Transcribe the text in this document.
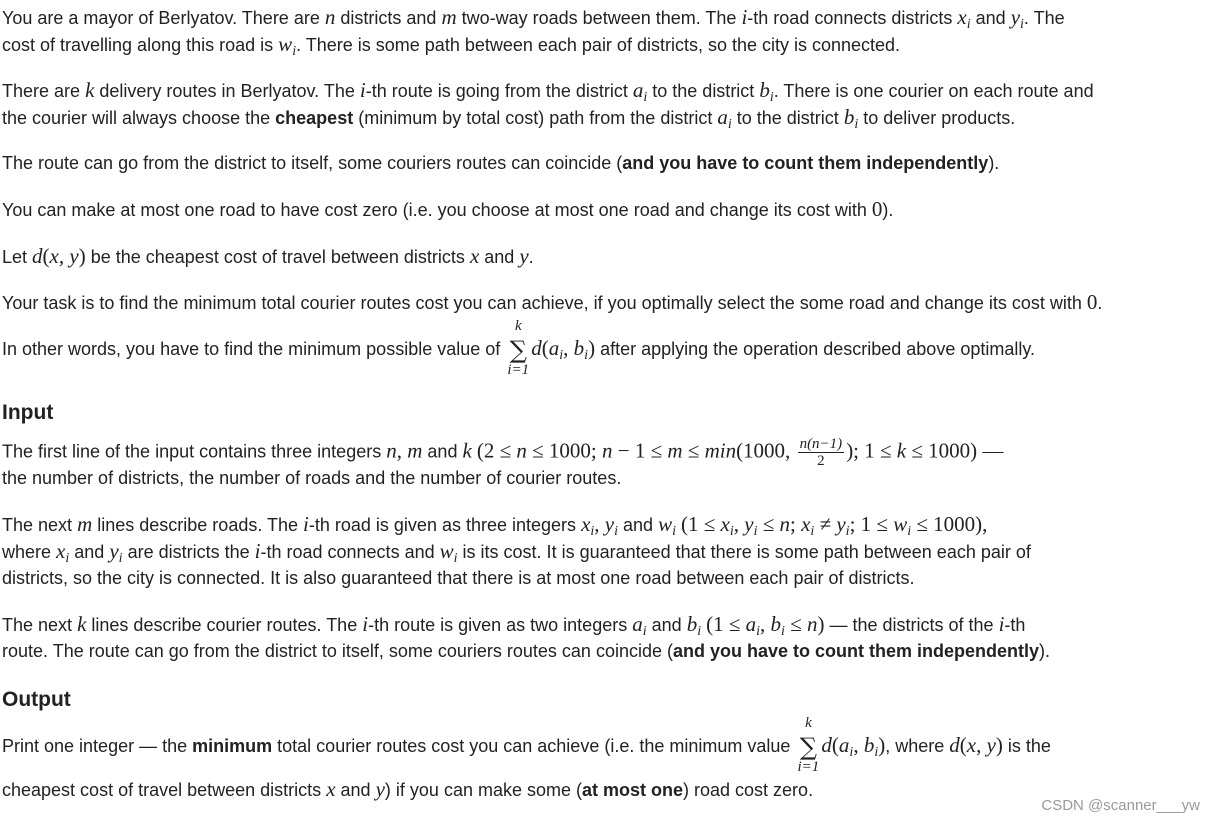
You are a mayor of Berlyatov. There are n districts and m two-way roads between them. The i-th road connects districts $x_i$ and $y_i$. The
cost of travelling along this road is $w_i$. There is some path between each pair of districts, so the city is connected.
There are k delivery routes in Berlyatov. The i-th route is going from the district $a_i$ to the district $b_i$. There is one courier on each route and
the courier will always choose the cheapest (minimum by total cost) path from the district $a_i$ to the district $b_i$ to deliver products.
The route can go from the district to itself, some couriers routes can coincide (and you have to count them independently).
You can make at most one road to have cost zero (i.e. you choose at most one road and change its cost with 0).
Let d(x, y) be the cheapest cost of travel between districts x and y.
Your task is to find the minimum total courier routes cost you can achieve, if you optimally select the some road and change its cost with 0.
In other words, you have to find the minimum possible value of
k
∑
i=1
$d(a_i$, $b_i$) after applying the operation described above optimally.
Input
The first line of the input contains three integers n, m and k (2 ≤ n ≤ 1000; n − 1 ≤ m ≤ min(1000, $\frac{n(n-1)}{2}$ ); 1 ≤ k ≤ 1000) —
the number of districts, the number of roads and the number of courier routes.
The next m lines describe roads. The i-th road is given as three integers $x_i$, $y_i$ and $w_i$ ($1 \le x_i$, $y_i \le n$; $x_i \ne y_i$; $1 \le w_i \le 1000$),
where $x_i$ and $y_i$ are districts the i-th road connects and $w_i$ is its cost. It is guaranteed that there is some path between each pair of
districts, so the city is connected. It is also guaranteed that there is at most one road between each pair of districts.
The next k lines describe courier routes. The i-th route is given as two integers $a_i$ and $b_i$ ($1 \le a_i$, $b_i \le n$) — the districts of the i-th
route. The route can go from the district to itself, some couriers routes can coincide (and you have to count them independently).
Output
Print one integer — the minimum total courier routes cost you can achieve (i.e. the minimum value
k
∑
i=1
$d(a_i$, $b_i$), where d(x, y) is the
cheapest cost of travel between districts x and y) if you can make some (at most one) road cost zero.
CSDN @scanner___yw
